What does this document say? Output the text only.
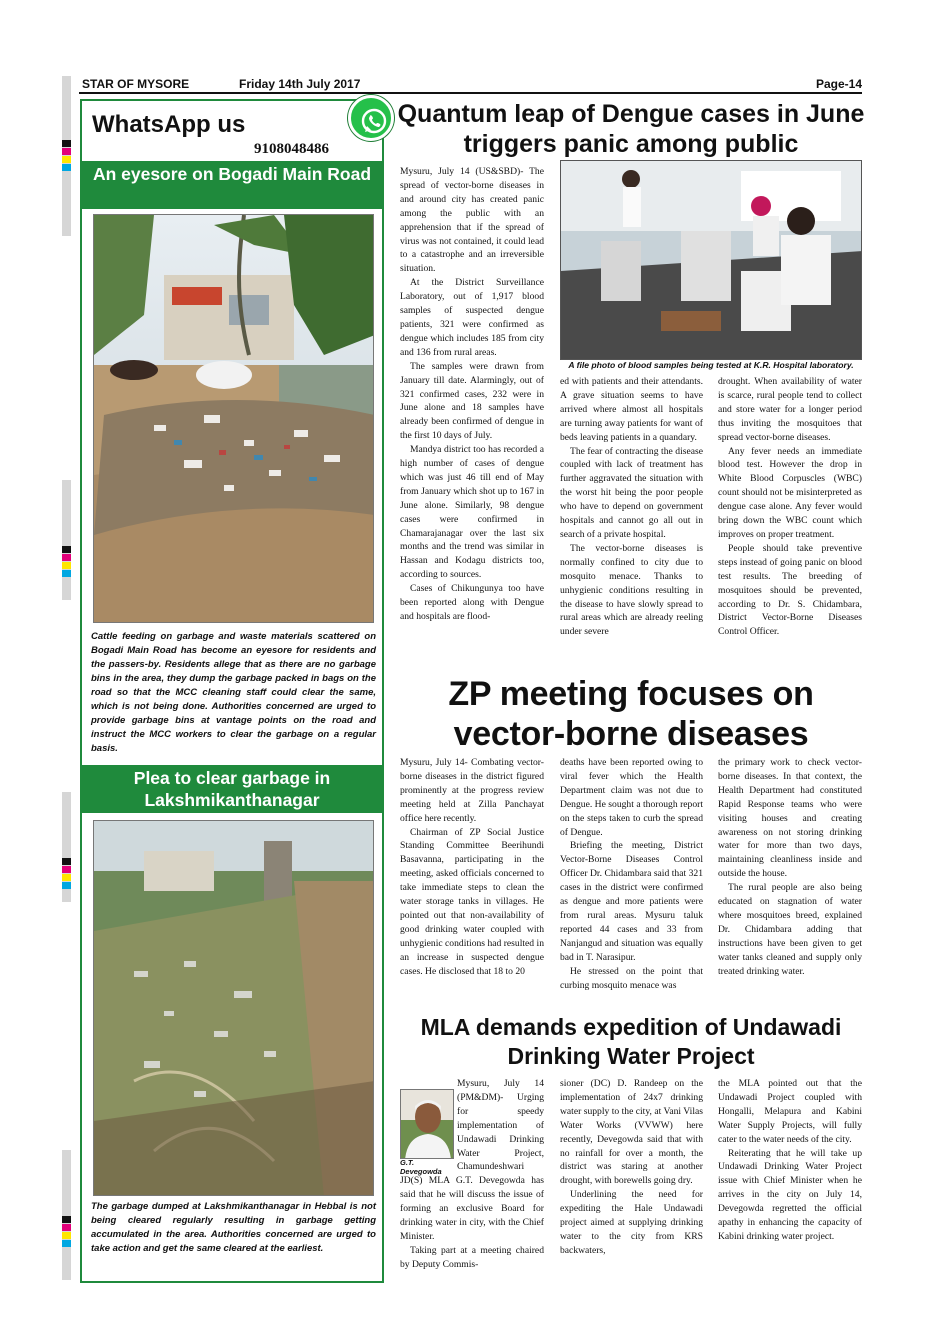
STAR OF MYSORE	Friday 14th July 2017	Page-14
WhatsApp us
9108048486
An eyesore on Bogadi Main Road
Cattle feeding on garbage and waste materials scattered on Bogadi Main Road has become an eyesore for residents and the passers-by. Residents allege that as there are no garbage bins in the area, they dump the garbage packed in bags on the road so that the MCC cleaning staff could clear the same, which is not being done. Authorities concerned are urged to provide garbage bins at vantage points on the road and instruct the MCC workers to clear the garbage on a regular basis.
Plea to clear garbage in Lakshmikanthanagar
The garbage dumped at Lakshmikanthanagar in Hebbal is not being cleared regularly resulting in garbage getting accumulated in the area. Authorities concerned are urged to take action and get the same cleared at the earliest.
Quantum leap of Dengue cases in June triggers panic among public

Mysuru, July 14 (US&SBD)- The spread of vector-borne diseases in and around city has created panic among the public with an apprehension that if the spread of virus was not contained, it could lead to a catastrophe and an irreversible situation.

At the District Surveillance Laboratory, out of 1,917 blood samples of suspected dengue patients, 321 were confirmed as dengue which includes 185 from city and 136 from rural areas.

The samples were drawn from January till date. Alarmingly, out of 321 confirmed cases, 232 were in June alone and 18 samples have already been confirmed of dengue in the first 10 days of July.

Mandya district too has recorded a high number of cases of dengue which was just 46 till end of May from January which shot up to 167 in June alone. Similarly, 98 dengue cases were confirmed in Chamarajanagar over the last six months and the trend was similar in Hassan and Kodagu districts too, according to sources.

Cases of Chikungunya too have been reported along with Dengue and hospitals are flood-

A file photo of blood samples being tested at K.R. Hospital laboratory.

ed with patients and their attendants. A grave situation seems to have arrived where almost all hospitals are turning away patients for want of beds leaving patients in a quandary.

The fear of contracting the disease coupled with lack of treatment has further aggravated the situation with the worst hit being the poor people who have to depend on government hospitals and cannot go all out in search of a private hospital.

The vector-borne diseases is normally confined to city due to mosquito menace. Thanks to unhygienic conditions resulting in the disease to have slowly spread to rural areas which are already reeling under severe

drought. When availability of water is scarce, rural people tend to collect and store water for a longer period thus inviting the mosquitoes that spread vector-borne diseases.

Any fever needs an immediate blood test. However the drop in White Blood Corpuscles (WBC) count should not be misinterpreted as dengue case alone. Any fever would bring down the WBC count which improves on proper treatment.

People should take preventive steps instead of going panic on blood test results. The breeding of mosquitoes should be prevented, according to Dr. S. Chidambara, District Vector-Borne Diseases Control Officer.

ZP meeting focuses on vector-borne diseases

Mysuru, July 14- Combating vector-borne diseases in the district figured prominently at the progress review meeting held at Zilla Panchayat office here recently.

Chairman of ZP Social Justice Standing Committee Beerihundi Basavanna, participating in the meeting, asked officials concerned to take immediate steps to clean the water storage tanks in villages. He pointed out that non-availability of good drinking water coupled with unhygienic conditions had resulted in an increase in suspected dengue cases. He disclosed that 18 to 20

deaths have been reported owing to viral fever which the Health Department claim was not due to Dengue. He sought a thorough report on the steps taken to curb the spread of Dengue.

Briefing the meeting, District Vector-Borne Diseases Control Officer Dr. Chidambara said that 321 cases in the district were confirmed as dengue and more patients were from rural areas. Mysuru taluk reported 44 cases and 33 from Nanjangud and situation was equally bad in T. Narasipur.

He stressed on the point that curbing mosquito menace was

the primary work to check vector-borne diseases. In that context, the Health Department had constituted Rapid Response teams who were visiting houses and creating awareness on not storing drinking water for more than two days, maintaining cleanliness inside and outside the house.

The rural people are also being educated on stagnation of water where mosquitoes breed, explained Dr. Chidambara adding that instructions have been given to get water tanks cleaned and supply only treated drinking water.

MLA demands expedition of Undawadi Drinking Water Project
G.T. Devegowda

Mysuru, July 14 (PM&DM)- Urging for speedy implementation of Undawadi Drinking Water Project, Chamundeshwari JD(S) MLA G.T. Devegowda has said that he will discuss the issue of forming an exclusive Board for drinking water in city, with the Chief Minister.

Taking part at a meeting chaired by Deputy Commis-

sioner (DC) D. Randeep on the implementation of 24x7 drinking water supply to the city, at Vani Vilas Water Works (VVWW) here recently, Devegowda said that with no rainfall for over a month, the district was staring at another drought, with borewells going dry.

Underlining the need for expediting the Hale Undawadi project aimed at supplying drinking water to the city from KRS backwaters,

the MLA pointed out that the Undawadi Project coupled with Hongalli, Melapura and Kabini Water Supply Projects, will fully cater to the water needs of the city.

Reiterating that he will take up Undawadi Drinking Water Project issue with Chief Minister when he arrives in the city on July 14, Devegowda regretted the official apathy in enhancing the capacity of Kabini drinking water project.
